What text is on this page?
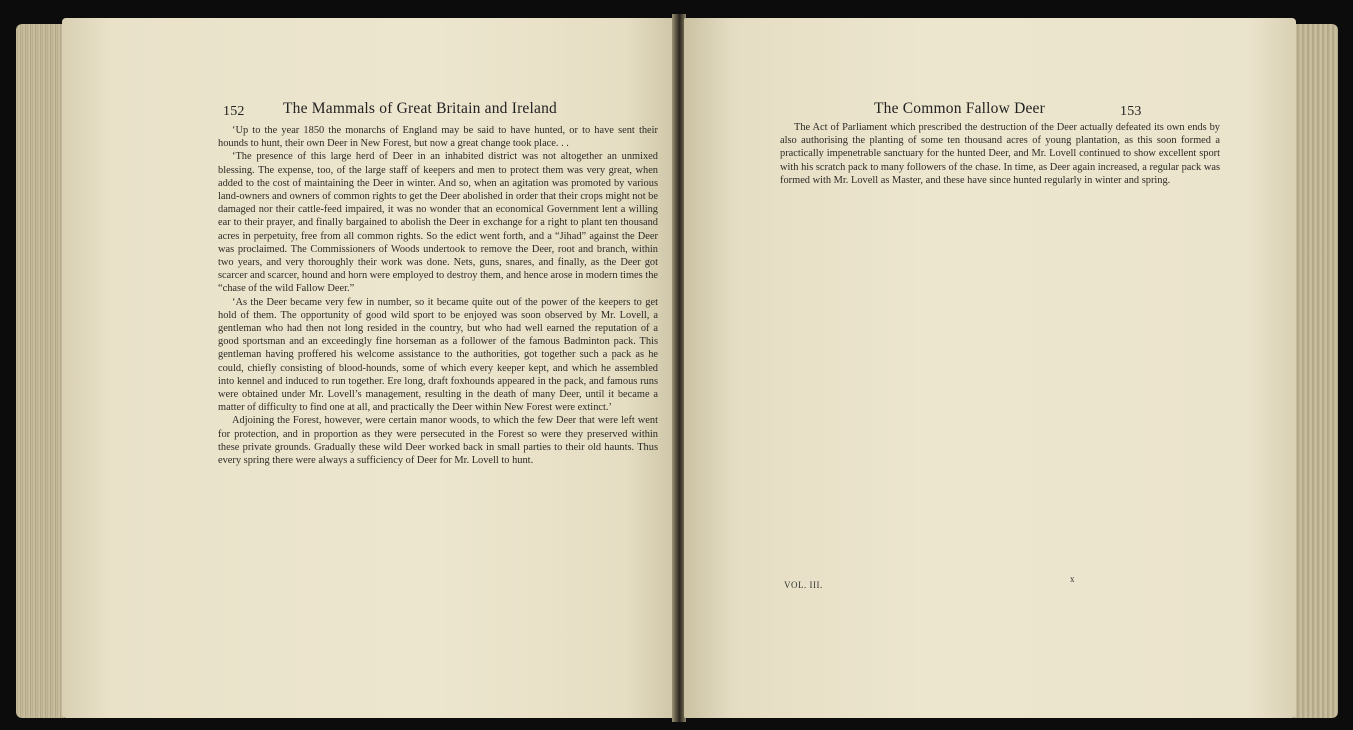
152 The Mammals of Great Britain and Ireland

‘Up to the year 1850 the monarchs of England may be said to have hunted, or to have sent their hounds to hunt, their own Deer in New Forest, but now a great change took place. . .

‘The presence of this large herd of Deer in an inhabited district was not altogether an unmixed blessing. The expense, too, of the large staff of keepers and men to protect them was very great, when added to the cost of maintaining the Deer in winter. And so, when an agitation was promoted by various land-owners and owners of common rights to get the Deer abolished in order that their crops might not be damaged nor their cattle-feed impaired, it was no wonder that an economical Government lent a willing ear to their prayer, and finally bargained to abolish the Deer in exchange for a right to plant ten thousand acres in perpetuity, free from all common rights. So the edict went forth, and a “Jihad” against the Deer was proclaimed. The Commissioners of Woods undertook to remove the Deer, root and branch, within two years, and very thoroughly their work was done. Nets, guns, snares, and finally, as the Deer got scarcer and scarcer, hound and horn were employed to destroy them, and hence arose in modern times the “chase of the wild Fallow Deer.”

‘As the Deer became very few in number, so it became quite out of the power of the keepers to get hold of them. The opportunity of good wild sport to be enjoyed was soon observed by Mr. Lovell, a gentleman who had then not long resided in the country, but who had well earned the reputation of a good sportsman and an exceedingly fine horseman as a follower of the famous Badminton pack. This gentleman having proffered his welcome assistance to the authorities, got together such a pack as he could, chiefly consisting of blood-hounds, some of which every keeper kept, and which he assembled into kennel and induced to run together. Ere long, draft foxhounds appeared in the pack, and famous runs were obtained under Mr. Lovell’s management, resulting in the death of many Deer, until it became a matter of difficulty to find one at all, and practically the Deer within New Forest were extinct.’

Adjoining the Forest, however, were certain manor woods, to which the few Deer that were left went for protection, and in proportion as they were persecuted in the Forest so were they preserved within these private grounds. Gradually these wild Deer worked back in small parties to their old haunts. Thus every spring there were always a sufficiency of Deer for Mr. Lovell to hunt.

The Common Fallow Deer	153

The Act of Parliament which prescribed the destruction of the Deer actually defeated its own ends by also authorising the planting of some ten thousand acres of young plantation, as this soon formed a practically impenetrable sanctuary for the hunted Deer, and Mr. Lovell continued to show excellent sport with his scratch pack to many followers of the chase. In time, as Deer again increased, a regular pack was formed with Mr. Lovell as Master, and these have since hunted regularly in winter and spring.

VOL. III.
x
